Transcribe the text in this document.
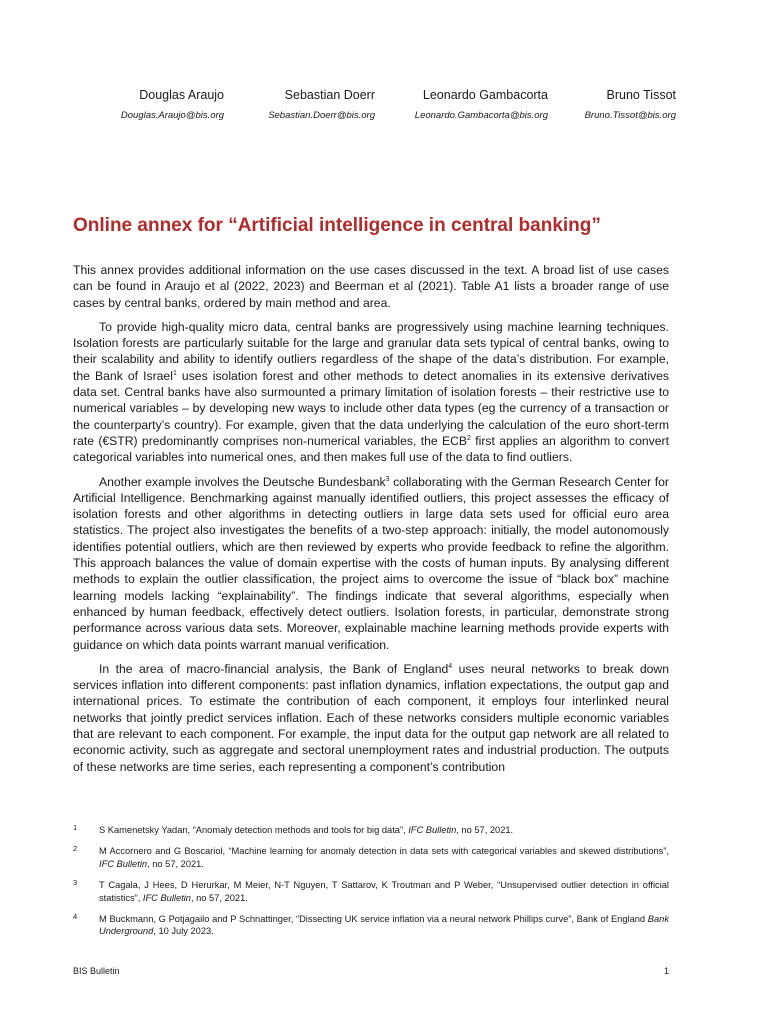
Douglas Araujo
Douglas.Araujo@bis.org
Sebastian Doerr
Sebastian.Doerr@bis.org
Leonardo Gambacorta
Leonardo.Gambacorta@bis.org
Bruno Tissot
Bruno.Tissot@bis.org
Online annex for “Artificial intelligence in central banking”

This annex provides additional information on the use cases discussed in the text. A broad list of use cases can be found in Araujo et al (2022, 2023) and Beerman et al (2021). Table A1 lists a broader range of use cases by central banks, ordered by main method and area.

To provide high-quality micro data, central banks are progressively using machine learning techniques. Isolation forests are particularly suitable for the large and granular data sets typical of central banks, owing to their scalability and ability to identify outliers regardless of the shape of the data’s distribution. For example, the Bank of Israel$^1$ uses isolation forest and other methods to detect anomalies in its extensive derivatives data set. Central banks have also surmounted a primary limitation of isolation forests – their restrictive use to numerical variables – by developing new ways to include other data types (eg the currency of a transaction or the counterparty’s country). For example, given that the data underlying the calculation of the euro short-term rate (€STR) predominantly comprises non-numerical variables, the ECB$^2$ first applies an algorithm to convert categorical variables into numerical ones, and then makes full use of the data to find outliers.

Another example involves the Deutsche Bundesbank$^3$ collaborating with the German Research Center for Artificial Intelligence. Benchmarking against manually identified outliers, this project assesses the efficacy of isolation forests and other algorithms in detecting outliers in large data sets used for official euro area statistics. The project also investigates the benefits of a two-step approach: initially, the model autonomously identifies potential outliers, which are then reviewed by experts who provide feedback to refine the algorithm. This approach balances the value of domain expertise with the costs of human inputs. By analysing different methods to explain the outlier classification, the project aims to overcome the issue of “black box” machine learning models lacking “explainability”. The findings indicate that several algorithms, especially when enhanced by human feedback, effectively detect outliers. Isolation forests, in particular, demonstrate strong performance across various data sets. Moreover, explainable machine learning methods provide experts with guidance on which data points warrant manual verification.

In the area of macro-financial analysis, the Bank of England$^4$ uses neural networks to break down services inflation into different components: past inflation dynamics, inflation expectations, the output gap and international prices. To estimate the contribution of each component, it employs four interlinked neural networks that jointly predict services inflation. Each of these networks considers multiple economic variables that are relevant to each component. For example, the input data for the output gap network are all related to economic activity, such as aggregate and sectoral unemployment rates and industrial production. The outputs of these networks are time series, each representing a component’s contribution

1 S Kamenetsky Yadan, “Anomaly detection methods and tools for big data”, IFC Bulletin, no 57, 2021.
2 M Accornero and G Boscariol, “Machine learning for anomaly detection in data sets with categorical variables and skewed distributions”, IFC Bulletin, no 57, 2021.
3 T Cagala, J Hees, D Herurkar, M Meier, N-T Nguyen, T Sattarov, K Troutman and P Weber, “Unsupervised outlier detection in official statistics”, IFC Bulletin, no 57, 2021.
4 M Buckmann, G Potjagailo and P Schnattinger, “Dissecting UK service inflation via a neural network Phillips curve”, Bank of England Bank Underground, 10 July 2023.
BIS Bulletin	1
